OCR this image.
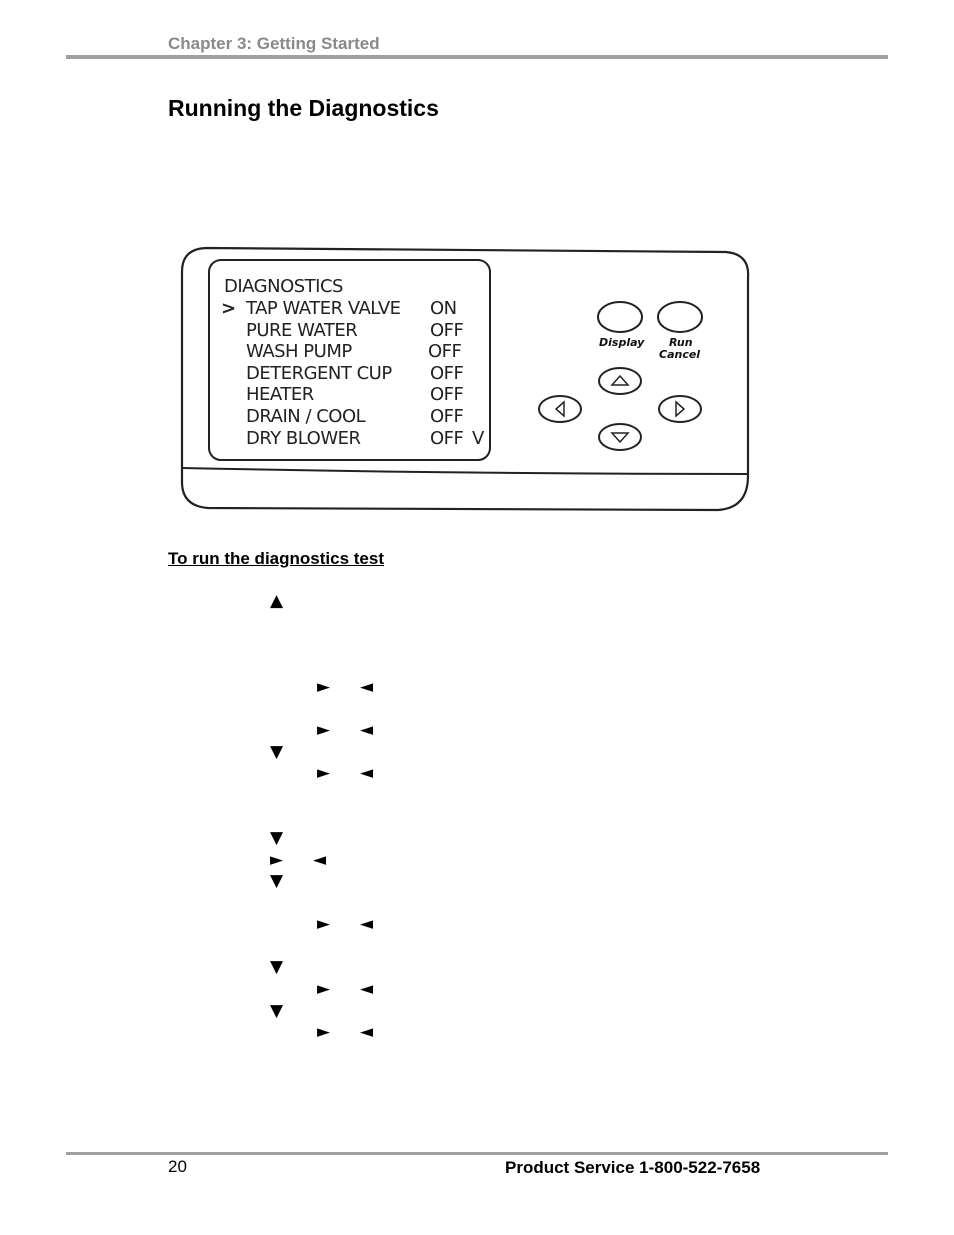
Chapter 3: Getting Started
Running the Diagnostics
DIAGNOSTICS
> TAP WATER VALVE ON
PURE WATER	OFF
WASH PUMP	OFF
DETERGENT CUP OFF
HEATER	OFF
DRAIN / COOL	OFF
DRY BLOWER	OFF V
Display Run
Cancel
To run the diagnostics test
▲
► ◄
► ◄
▼
► ◄
▼
► ◄
▼
► ◄
▼
► ◄
▼
► ◄
20	Product Service 1-800-522-7658
